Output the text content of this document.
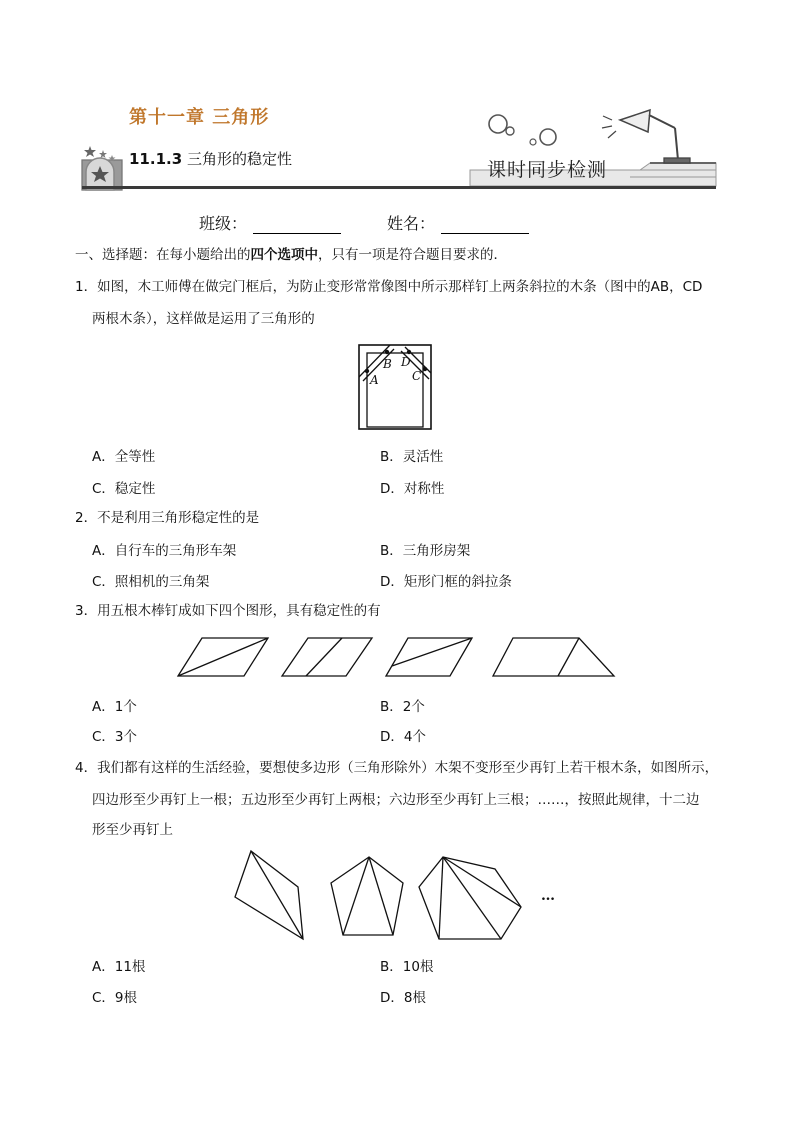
第十一章 三角形
11.1.3 三角形的稳定性	课时同步检测
班级：	姓名：
一、选择题：在每小题给出的四个选项中，只有一项是符合题目要求的．
1．如图，木工师傅在做完门框后，为防止变形常常像图中所示那样钉上两条斜拉的木条（图中的AB，CD
两根木条），这样做是运用了三角形的
A
B D
C
A．全等性	B．灵活性
C．稳定性	D．对称性
2．不是利用三角形稳定性的是
A．自行车的三角形车架	B．三角形房架
C．照相机的三角架	D．矩形门框的斜拉条
3．用五根木棒钉成如下四个图形，具有稳定性的有
A．1个	B．2个
C．3个	D．4个
4．我们都有这样的生活经验，要想使多边形（三角形除外）木架不变形至少再钉上若干根木条，如图所示，
四边形至少再钉上一根；五边形至少再钉上两根；六边形至少再钉上三根；……，按照此规律，十二边
形至少再钉上
…
A．11根	B．10根
C．9根	D．8根
